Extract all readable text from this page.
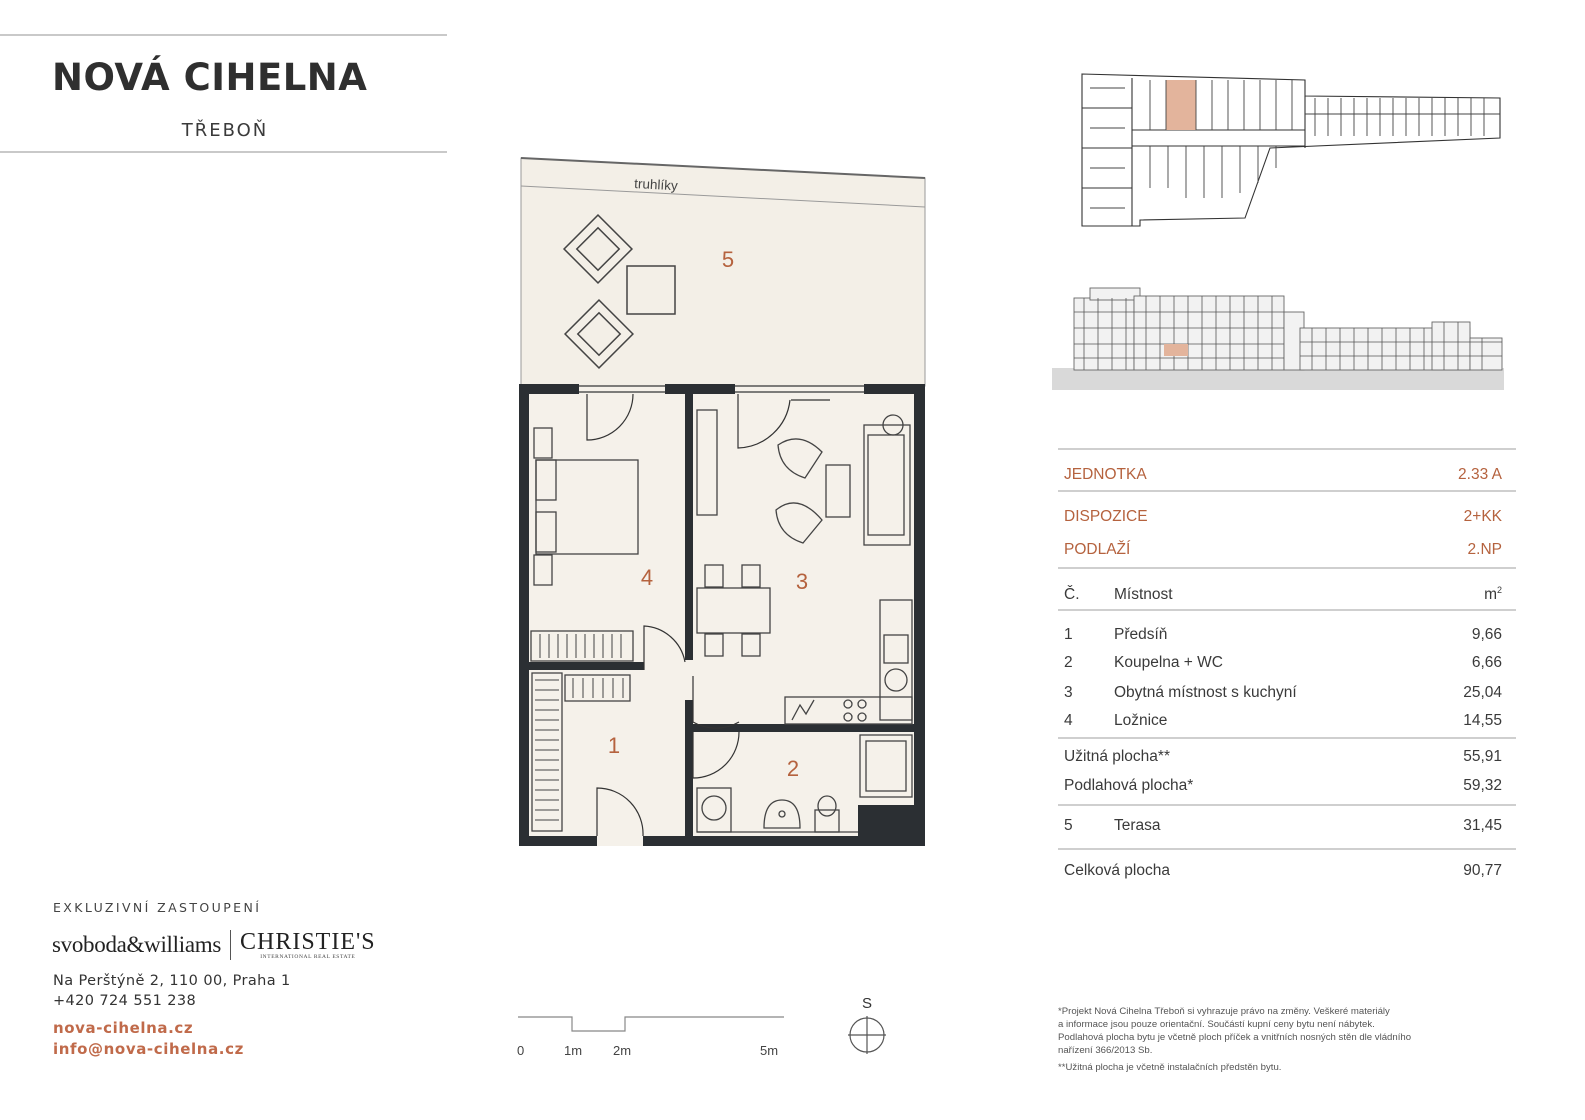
NOVÁ CIHELNA
TŘEBOŇ
5
4	3
1
2
truhlíky
EXKLUZIVNÍ ZASTOUPENÍ
svoboda&williams CHRISTIE'S
INTERNATIONAL REAL ESTATE
Na Perštýně 2, 110 00, Praha 1
+420 724 551 238
nova-cihelna.cz
info@nova-cihelna.cz	0	1m 2m	5m
S
JEDNOTKA	2.33 A
DISPOZICE	2+KK
PODLAŽÍ	2.NP
Č.	Místnost	$m^2$
1	Předsíň	9,66
2	Koupelna + WC	6,66
3	Obytná místnost s kuchyní	25,04
4	Ložnice	14,55
Užitná plocha**	55,91
Podlahová plocha*	59,32
5	Terasa	31,45
Celková plocha	90,77
*Projekt Nová Cihelna Třeboň si vyhrazuje právo na změny. Veškeré materiály
a informace jsou pouze orientační. Součástí kupní ceny bytu není nábytek.
Podlahová plocha bytu je včetně ploch příček a vnitřních nosných stěn dle vládního
nařízení 366/2013 Sb.
**Užitná plocha je včetně instalačních předstěn bytu.
